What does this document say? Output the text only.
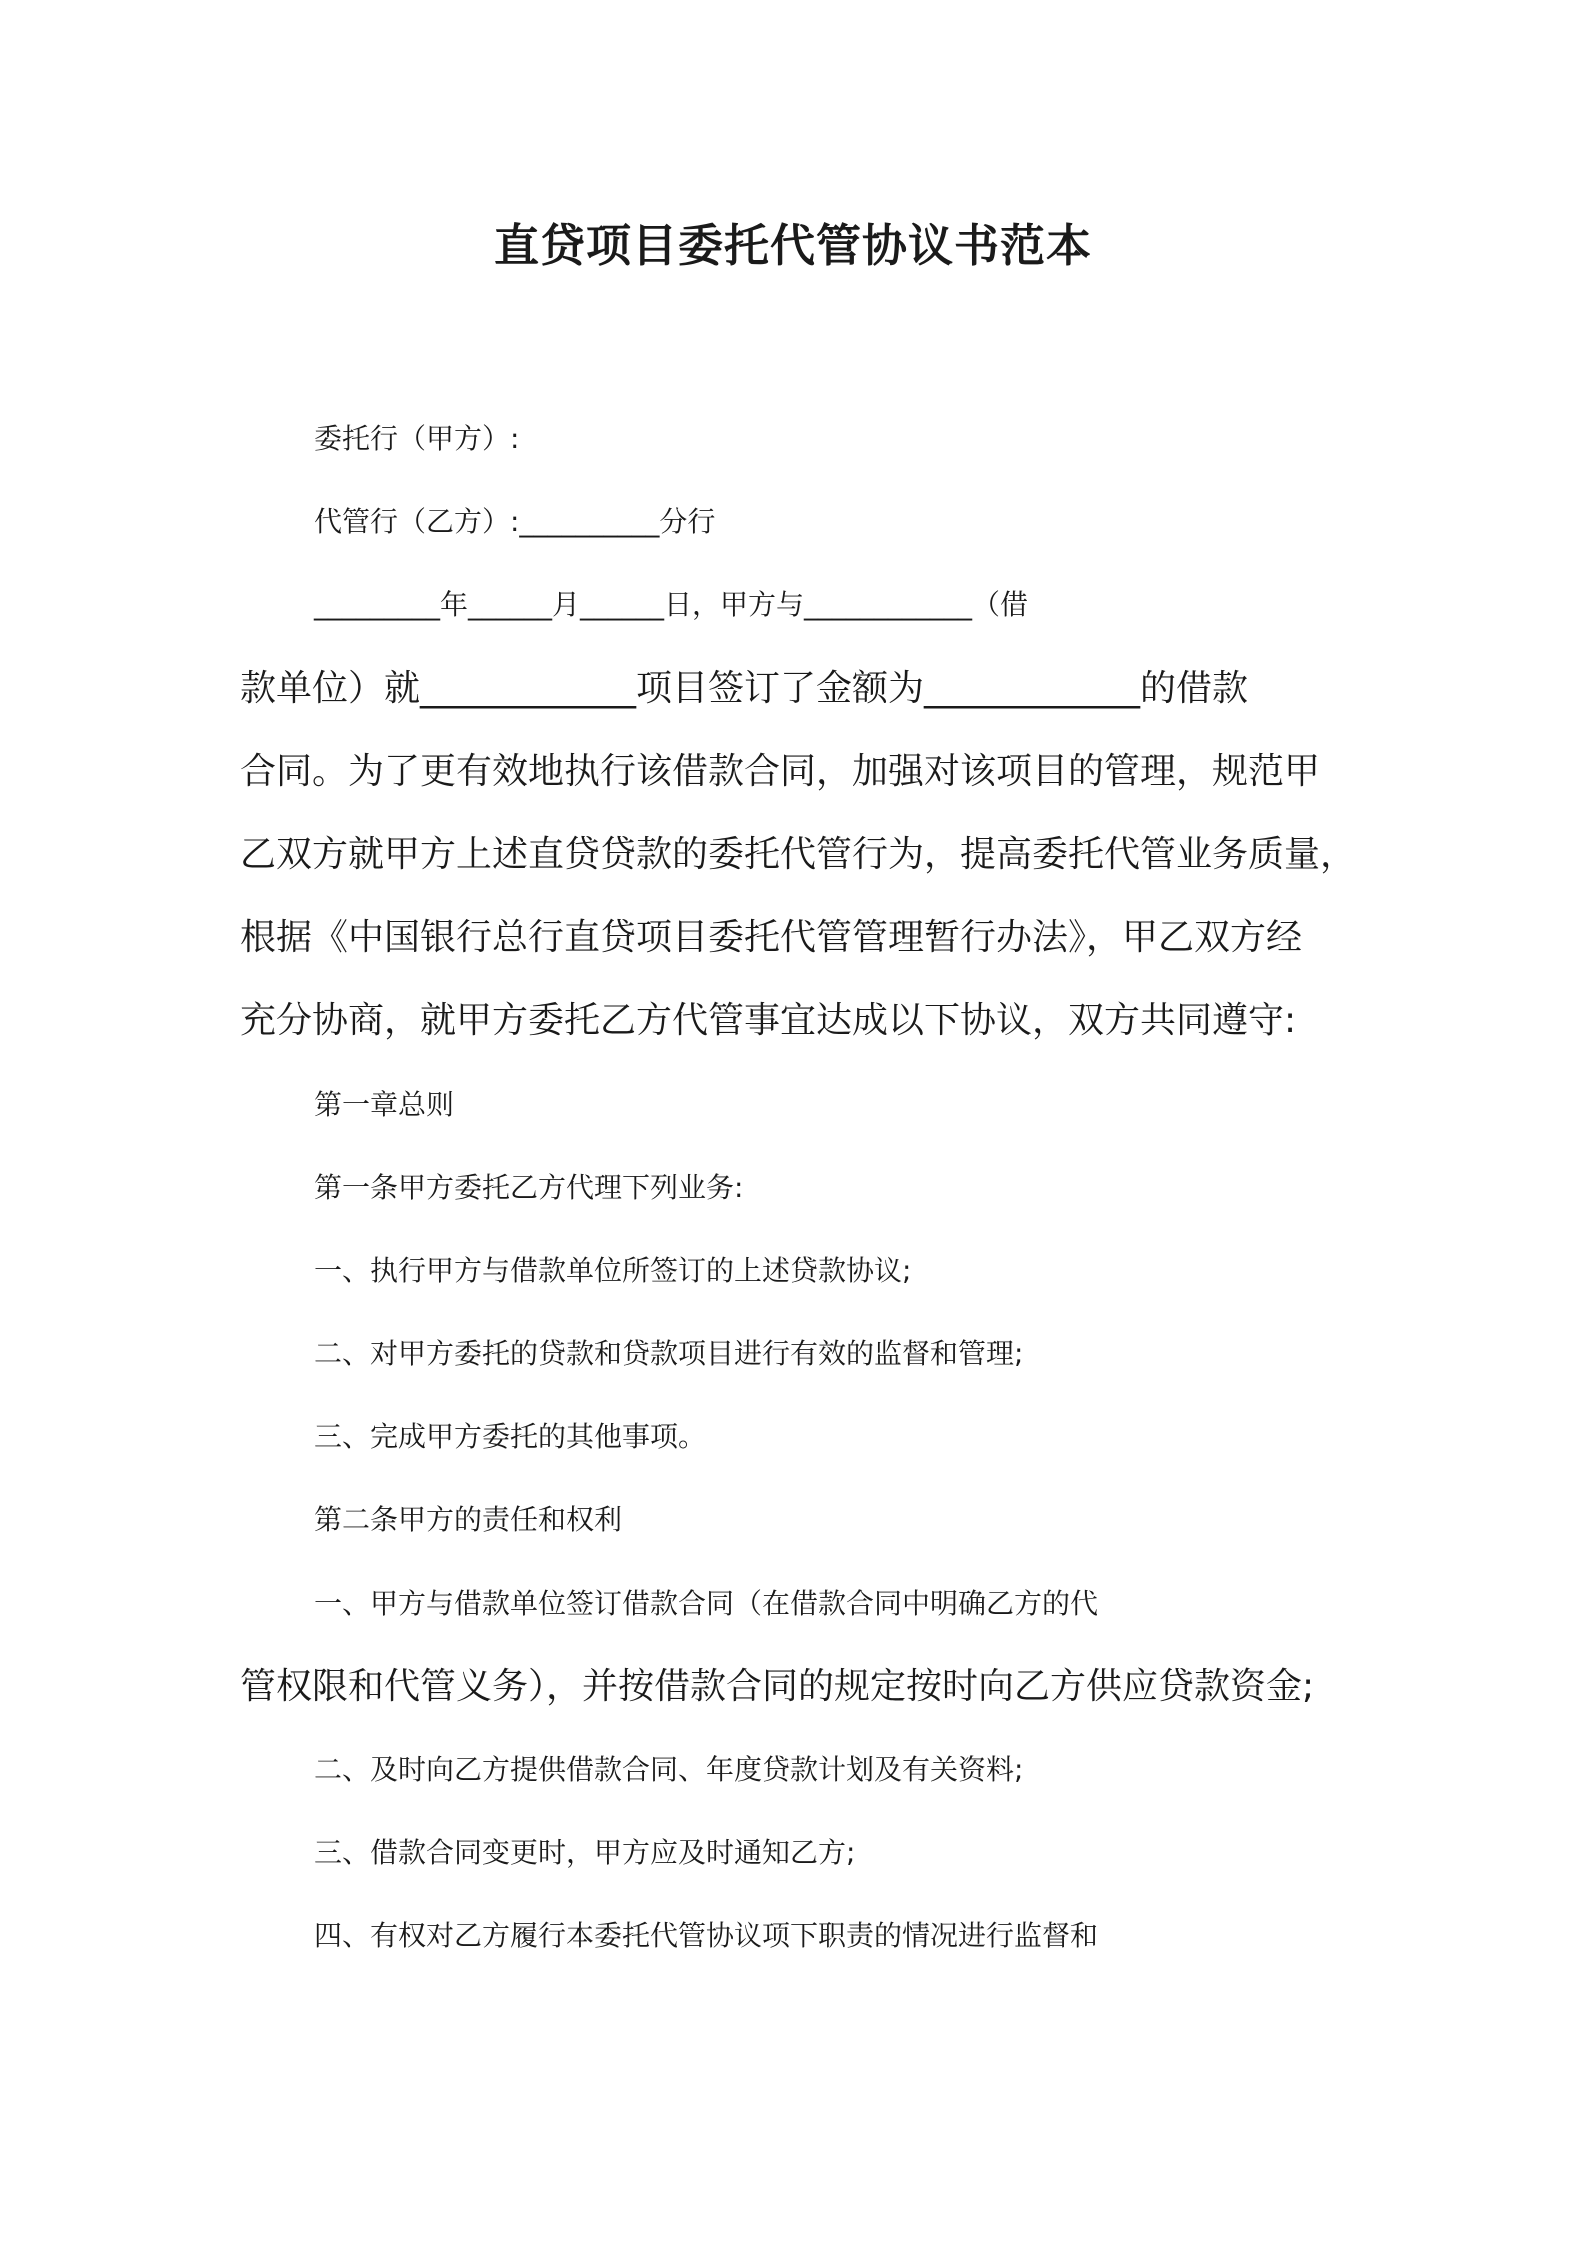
直贷项目委托代管协议书范本
委托行（甲方）:
代管行（乙方）:__________分行
_________年______月______日，甲方与____________（借
款单位）就____________项目签订了金额为____________的借款
合同。为了更有效地执行该借款合同，加强对该项目的管理，规范甲
乙双方就甲方上述直贷贷款的委托代管行为，提高委托代管业务质量，
根据《中国银行总行直贷项目委托代管管理暂行办法》，甲乙双方经
充分协商，就甲方委托乙方代管事宜达成以下协议，双方共同遵守:
第一章总则
第一条甲方委托乙方代理下列业务:
一、执行甲方与借款单位所签订的上述贷款协议;
二、对甲方委托的贷款和贷款项目进行有效的监督和管理;
三、完成甲方委托的其他事项。
第二条甲方的责任和权利
一、甲方与借款单位签订借款合同（在借款合同中明确乙方的代
管权限和代管义务），并按借款合同的规定按时向乙方供应贷款资金;
二、及时向乙方提供借款合同、年度贷款计划及有关资料;
三、借款合同变更时，甲方应及时通知乙方;
四、有权对乙方履行本委托代管协议项下职责的情况进行监督和
